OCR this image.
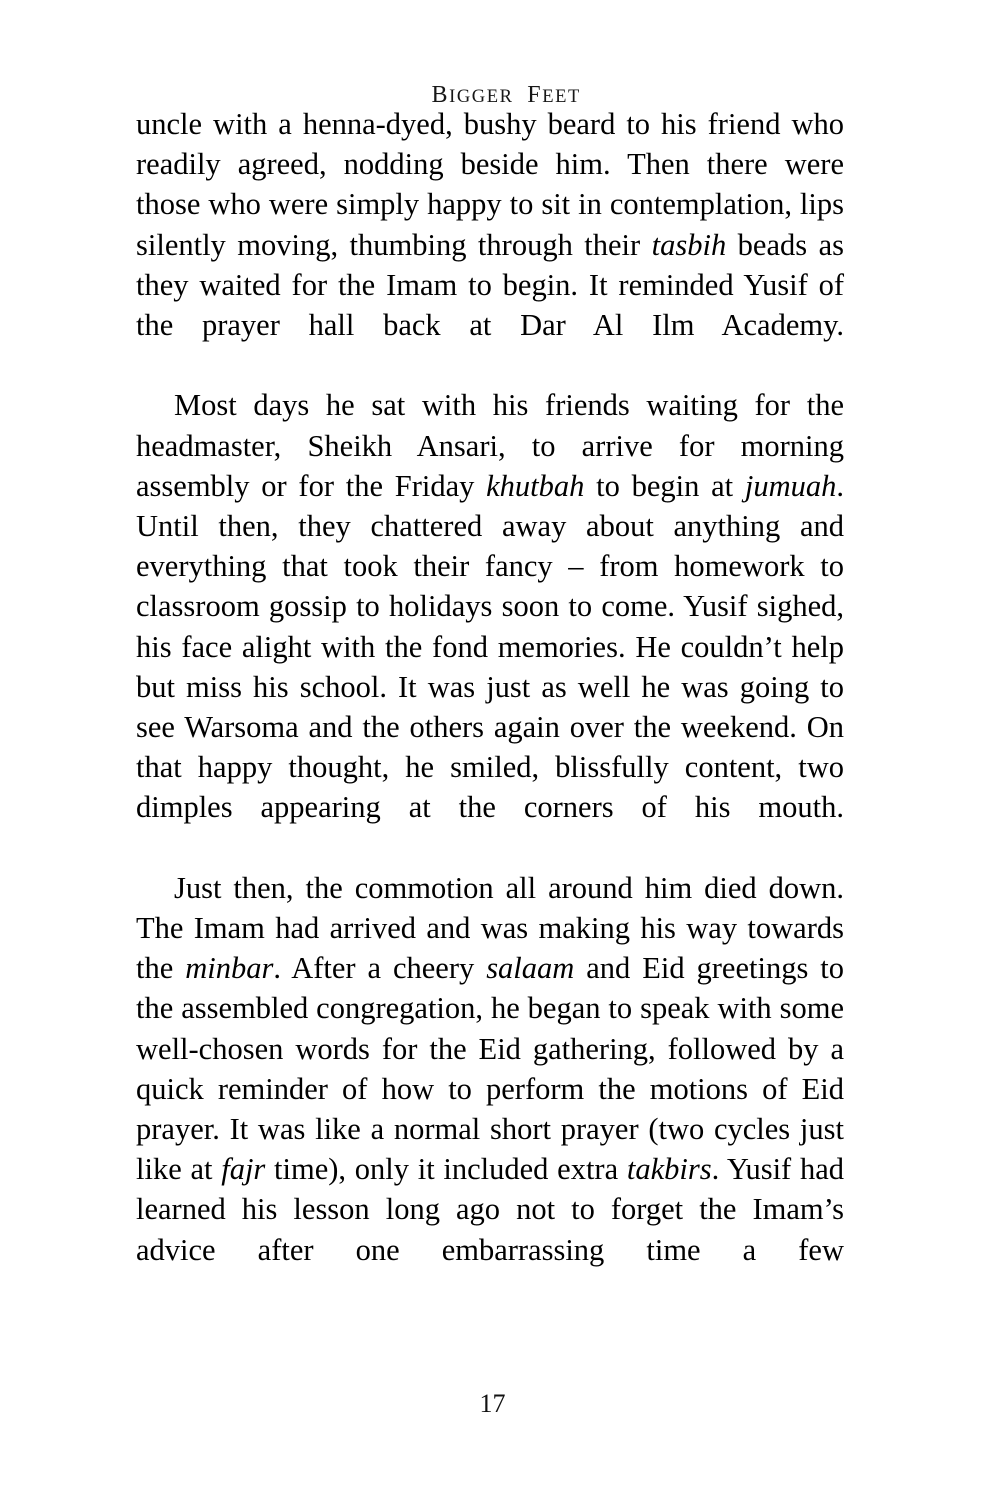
BIGGER FEET

uncle with a henna-dyed, bushy beard to his friend who readily agreed, nodding beside him. Then there were those who were simply happy to sit in contemplation, lips silently moving, thumbing through their tasbih beads as they waited for the Imam to begin. It reminded Yusif of the prayer hall back at Dar Al Ilm Academy.

Most days he sat with his friends waiting for the headmaster, Sheikh Ansari, to arrive for morning assembly or for the Friday khutbah to begin at jumuah. Until then, they chattered away about anything and everything that took their fancy – from homework to classroom gossip to holidays soon to come. Yusif sighed, his face alight with the fond memories. He couldn’t help but miss his school. It was just as well he was going to see Warsoma and the others again over the weekend. On that happy thought, he smiled, blissfully content, two dimples appearing at the corners of his mouth.

Just then, the commotion all around him died down. The Imam had arrived and was making his way towards the minbar. After a cheery salaam and Eid greetings to the assembled congregation, he began to speak with some well-chosen words for the Eid gathering, followed by a quick reminder of how to perform the motions of Eid prayer. It was like a normal short prayer (two cycles just like at fajr time), only it included extra takbirs. Yusif had learned his lesson long ago not to forget the Imam’s advice after one embarrassing time a few

17
